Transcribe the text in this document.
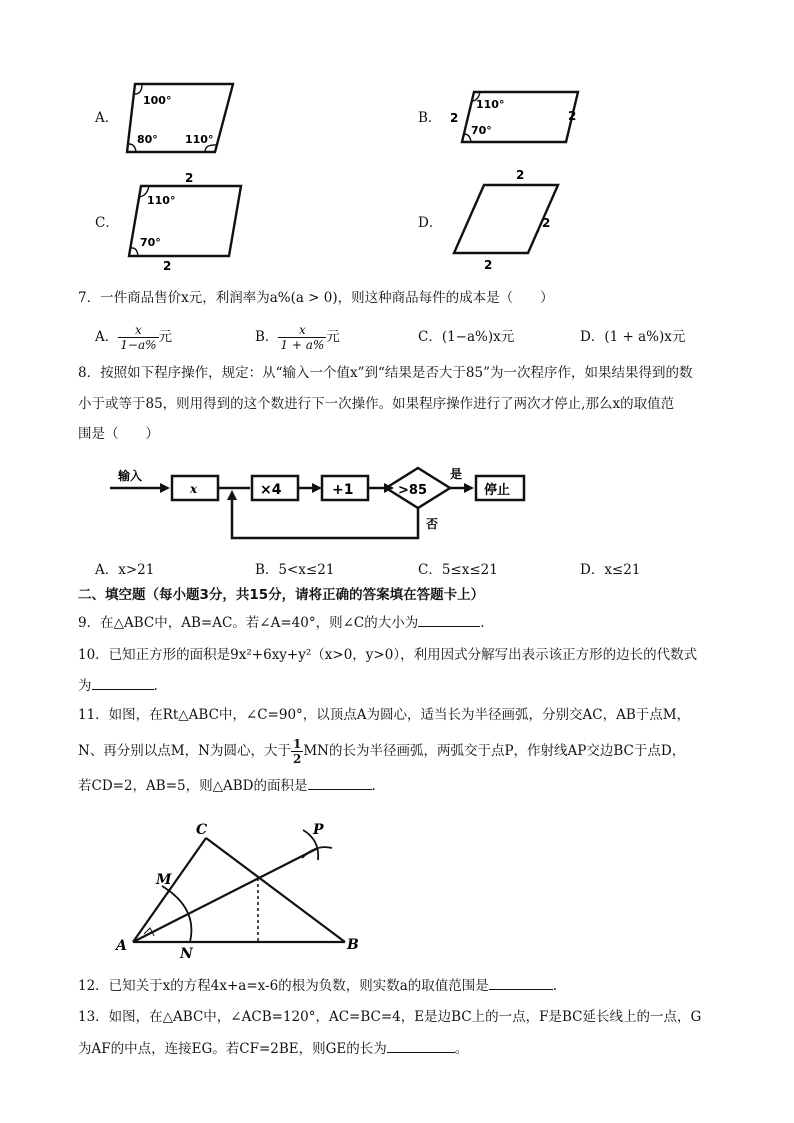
A．
100°
80° 110°
B． 2
110°
70°
2
C．
2
110°
70°
2
D．
2
2
2
7．一件商品售价x元，利润率为a%(a > 0)，则这种商品每件的成本是（　　）
A． $\frac{x}{1-a\%}$ 元	B． $\frac{x}{1 + a\%}$ 元	C．(1−a%)x元	D．(1 + a%)x元
8．按照如下程序操作，规定：从“输入一个值x”到“结果是否大于85”为一次程序作，如果结果得到的数
小于或等于85，则用得到的这个数进行下一次操作。如果程序操作进行了两次才停止,那么x的取值范
围是（　　）
输入
x	×4	+1	>85
是
停止
否
A．x>21	B．5<x≤21	C．5≤x≤21	D．x≤21
二、填空题（每小题3分，共15分，请将正确的答案填在答题卡上）
9．在△ABC中，AB=AC。若∠A=40°，则∠C的大小为	.
10．已知正方形的面积是9x²+6xy+y²（x>0，y>0），利用因式分解写出表示该正方形的边长的代数式
为	.
11．如图，在Rt△ABC中，∠C=90°，以顶点A为圆心，适当长为半径画弧，分别交AC，AB于点M，
N、再分别以点M，N为圆心，大于 $\frac{1}{2}$ MN的长为半径画弧，两弧交于点P，作射线AP交边BC于点D，
若CD=2，AB=5，则△ABD的面积是	.
A	B
C
M
N
P
12．已知关于x的方程4x+a=x-6的根为负数，则实数a的取值范围是	.
13．如图，在△ABC中，∠ACB=120°，AC=BC=4，E是边BC上的一点，F是BC延长线上的一点，G
为AF的中点，连接EG。若CF=2BE，则GE的长为	。
